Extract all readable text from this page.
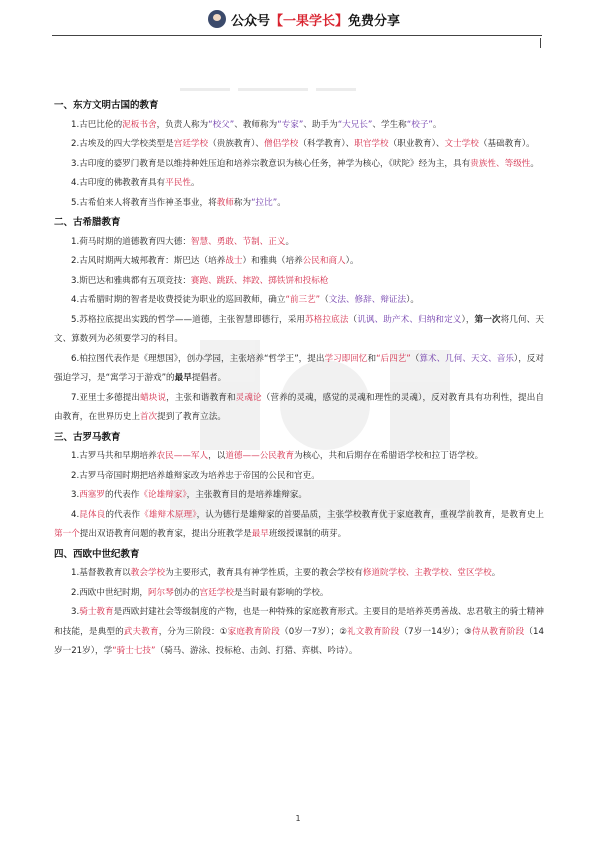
公众号【一果学长】免费分享
一、东方文明古国的教育

1.古巴比伦的泥板书舍，负责人称为“校父”、教师称为“专家”、助手为“大兄长”、学生称“校子”。

2.古埃及的四大学校类型是宫廷学校（贵族教育）、僧侣学校（科学教育）、职官学校（职业教育）、文士学校（基础教育）。

3.古印度的婆罗门教育是以维持种姓压迫和培养宗教意识为核心任务，神学为核心，《吠陀》经为主，具有贵族性、等级性。

4.古印度的佛教教育具有平民性。

5.古希伯来人将教育当作神圣事业，将教师称为“拉比”。

二、古希腊教育

1.荷马时期的道德教育四大德：智慧、勇敢、节制、正义。

2.古风时期两大城邦教育：斯巴达（培养战士）和雅典（培养公民和商人）。

3.斯巴达和雅典都有五项竞技：赛跑、跳跃、摔跤、掷铁饼和投标枪

4.古希腊时期的智者是收费授徒为职业的巡回教师，确立“前三艺”（文法、修辞、辩证法）。

5.苏格拉底提出实践的哲学——道德，主张智慧即德行，采用苏格拉底法（讥讽、助产术、归纳和定义），第一次将几何、天文、算数列为必须要学习的科目。

6.柏拉图代表作是《理想国》，创办学园，主张培养“哲学王”，提出学习即回忆和“后四艺”（算术、几何、天文、音乐），反对强迫学习，是“寓学习于游戏”的最早提倡者。

7.亚里士多德提出蜡块说，主张和谐教育和灵魂论（营养的灵魂，感觉的灵魂和理性的灵魂），反对教育具有功利性，提出自由教育，在世界历史上首次提到了教育立法。

三、古罗马教育

1.古罗马共和早期培养农民——军人，以道德——公民教育为核心，共和后期存在希腊语学校和拉丁语学校。

2.古罗马帝国时期把培养雄辩家改为培养忠于帝国的公民和官吏。

3.西塞罗的代表作《论雄辩家》，主张教育目的是培养雄辩家。

4.昆体良的代表作《雄辩术原理》，认为德行是雄辩家的首要品质，主张学校教育优于家庭教育，重视学前教育，是教育史上第一个提出双语教育问题的教育家，提出分班教学是最早班级授课制的萌芽。

四、西欧中世纪教育

1.基督教教育以教会学校为主要形式，教育具有神学性质，主要的教会学校有修道院学校、主教学校、堂区学校。

2.西欧中世纪时期，阿尔琴创办的宫廷学校是当时最有影响的学校。

3.骑士教育是西欧封建社会等级制度的产物，也是一种特殊的家庭教育形式。主要目的是培养英勇善战、忠君敬主的骑士精神和技能，是典型的武夫教育，分为三阶段：①家庭教育阶段（0岁一7岁）；②礼文教育阶段（7岁一14岁）；③侍从教育阶段（14岁一21岁），学“骑士七技”（骑马、游泳、投标枪、击剑、打猎、弈棋、吟诗）。

1
